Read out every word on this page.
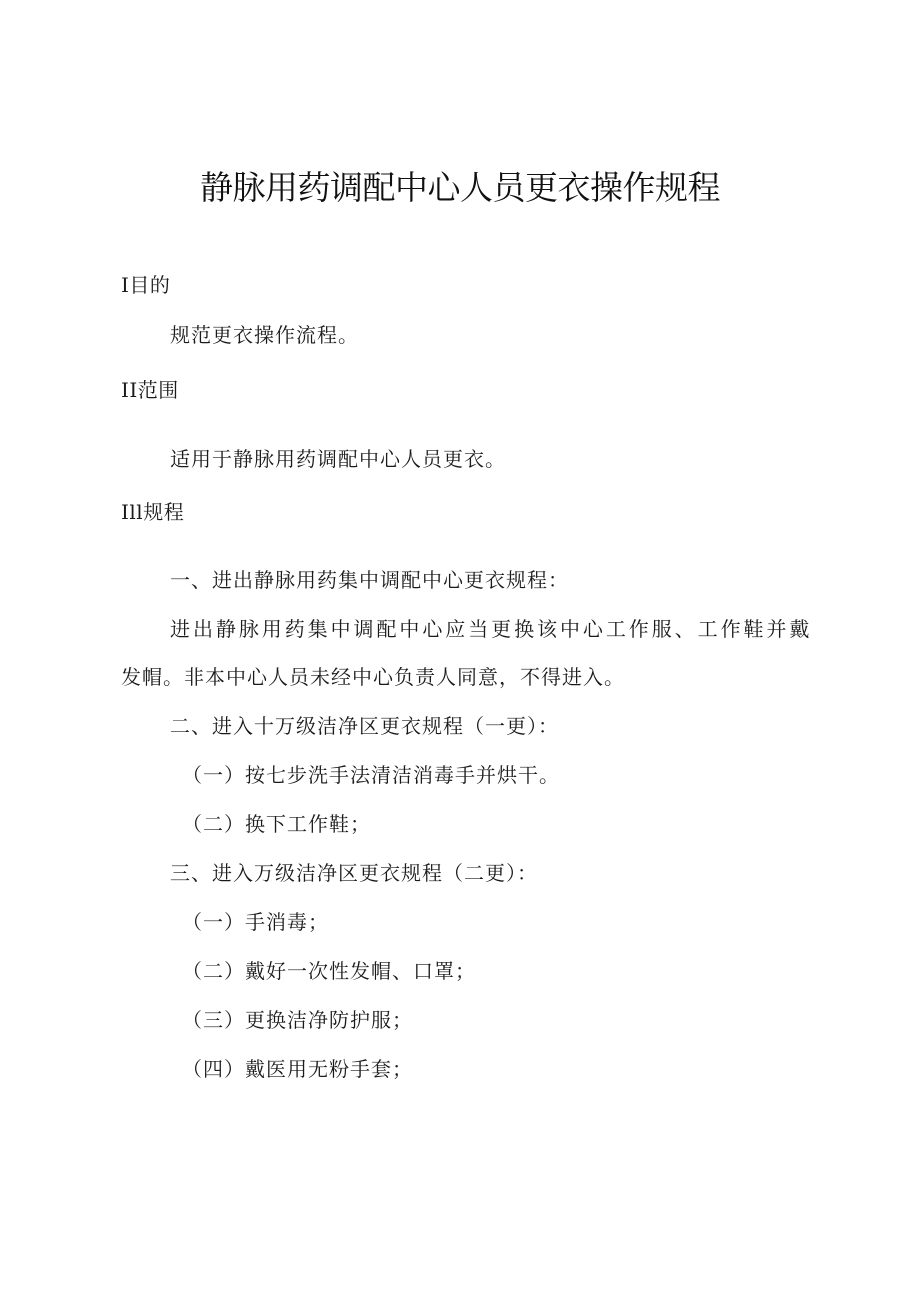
静脉用药调配中心人员更衣操作规程
I目的
规范更衣操作流程。
II范围
适用于静脉用药调配中心人员更衣。
Ill规程
一、进出静脉用药集中调配中心更衣规程：
进出静脉用药集中调配中心应当更换该中心工作服、工作鞋并戴
发帽。非本中心人员未经中心负责人同意，不得进入。
二、进入十万级洁净区更衣规程（一更）：
（一）按七步洗手法清洁消毒手并烘干。
（二）换下工作鞋；
三、进入万级洁净区更衣规程（二更）：
（一）手消毒；
（二）戴好一次性发帽、口罩；
（三）更换洁净防护服；
（四）戴医用无粉手套；
